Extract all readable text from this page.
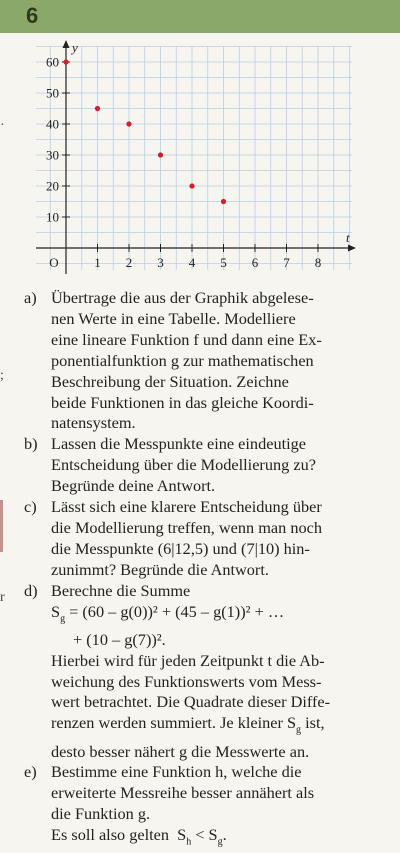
6
·
;
r
1 2 3 4 5 6 7 8
10
20
30
40
50
60
O
y
t
a) Übertrage die aus der Graphik abgelese-

nen Werte in eine Tabelle. Modelliere

eine lineare Funktion f und dann eine Ex-

ponentialfunktion g zur mathematischen

Beschreibung der Situation. Zeichne

beide Funktionen in das gleiche Koordi-

natensystem.

b) Lassen die Messpunkte eine eindeutige

Entscheidung über die Modellierung zu?

Begründe deine Antwort.

c) Lässt sich eine klarere Entscheidung über

die Modellierung treffen, wenn man noch

die Messpunkte (6|12,5) und (7|10) hin-

zunimmt? Begründe die Antwort.

d) Berechne die Summe

$S_g = (60 - g(0))^2 + (45 - g(1))^2$ + …

+ (10 – g(7))².

Hierbei wird für jeden Zeitpunkt t die Ab-

weichung des Funktionswerts vom Mess-

wert betrachtet. Die Quadrate dieser Diffe-

renzen werden summiert. Je kleiner $S_g$ ist,

desto besser nähert g die Messwerte an.

e) Bestimme eine Funktion h, welche die

erweiterte Messreihe besser annähert als

die Funktion g.

Es soll also gelten  $S_h < S_g$.
